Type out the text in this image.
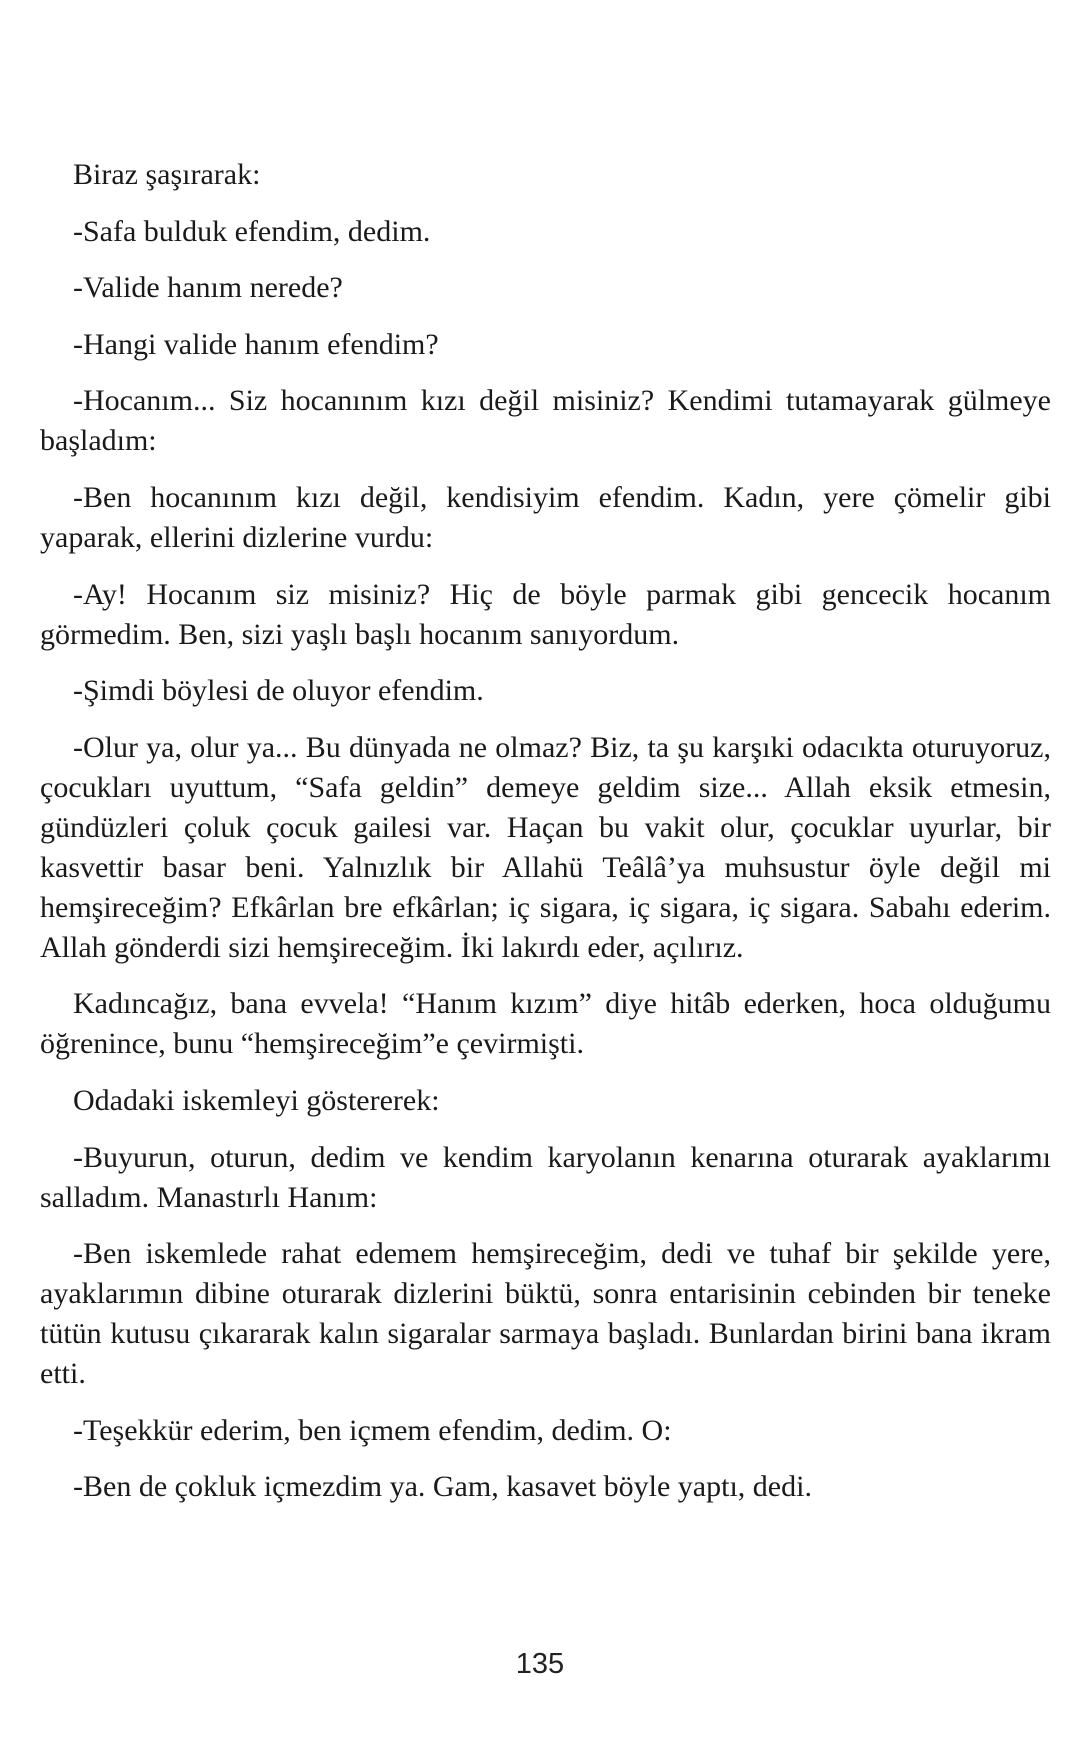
Biraz şaşırarak:

-Safa bulduk efendim, dedim.

-Valide hanım nerede?

-Hangi valide hanım efendim?

-Hocanım... Siz hocanınım kızı değil misiniz? Kendimi tutamayarak gülmeye başladım:

-Ben hocanınım kızı değil, kendisiyim efendim. Kadın, yere çömelir gibi yaparak, ellerini dizlerine vurdu:

-Ay! Hocanım siz misiniz? Hiç de böyle parmak gibi gencecik hocanım görmedim. Ben, sizi yaşlı başlı hocanım sanıyordum.

-Şimdi böylesi de oluyor efendim.

-Olur ya, olur ya... Bu dünyada ne olmaz? Biz, ta şu karşıki odacıkta oturuyoruz, çocukları uyuttum, “Safa geldin” demeye geldim size... Allah eksik etmesin, gündüzleri çoluk çocuk gailesi var. Haçan bu vakit olur, çocuklar uyurlar, bir kasvettir basar beni. Yalnızlık bir Allahü Teâlâ’ya muhsustur öyle değil mi hemşireceğim? Efkârlan bre efkârlan; iç sigara, iç sigara, iç sigara. Sabahı ederim. Allah gönderdi sizi hemşireceğim. İki lakırdı eder, açılırız.

Kadıncağız, bana evvela! “Hanım kızım” diye hitâb ederken, hoca olduğumu öğrenince, bunu “hemşireceğim”e çevirmişti.

Odadaki iskemleyi göstererek:

-Buyurun, oturun, dedim ve kendim karyolanın kenarına oturarak ayaklarımı salladım. Manastırlı Hanım:

-Ben iskemlede rahat edemem hemşireceğim, dedi ve tuhaf bir şekilde yere, ayaklarımın dibine oturarak dizlerini büktü, sonra entarisinin cebinden bir teneke tütün kutusu çıkararak kalın sigaralar sarmaya başladı. Bunlardan birini bana ikram etti.

-Teşekkür ederim, ben içmem efendim, dedim. O:

-Ben de çokluk içmezdim ya. Gam, kasavet böyle yaptı, dedi.

135
